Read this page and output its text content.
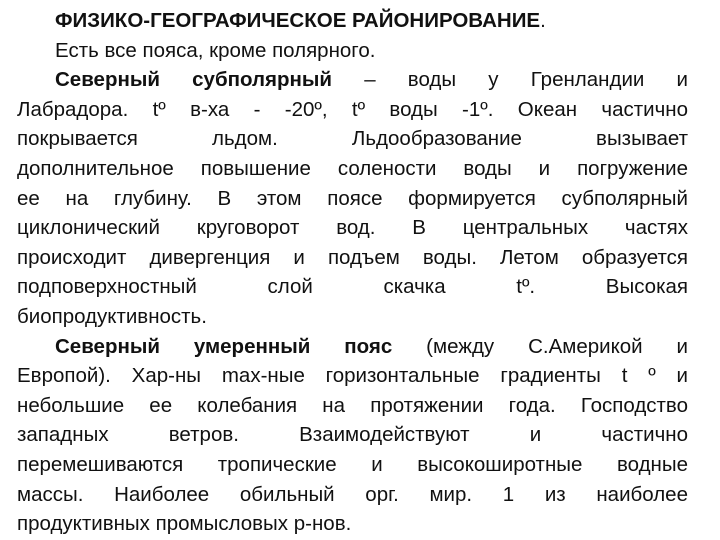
ФИЗИКО-ГЕОГРАФИЧЕСКОЕ РАЙОНИРОВАНИЕ.

Есть все пояса, кроме полярного.

Северный субполярный – воды у Гренландии и
Лабрадора. tº в-ха - -20º, tº воды -1º. Океан частично
покрывается льдом. Льдообразование вызывает
дополнительное повышение солености воды и погружение
ее на глубину. В этом поясе формируется субполярный
циклонический круговорот вод. В центральных частях
происходит дивергенция и подъем воды. Летом образуется
подповерхностный слой скачка tº. Высокая
биопродуктивность.
Северный умеренный пояс (между С.Америкой и
Европой). Хар-ны max-ные горизонтальные градиенты t º и
небольшие ее колебания на протяжении года. Господство
западных ветров. Взаимодействуют и частично
перемешиваются тропические и высокоширотные водные
массы. Наиболее обильный орг. мир. 1 из наиболее
продуктивных промысловых р-нов.
